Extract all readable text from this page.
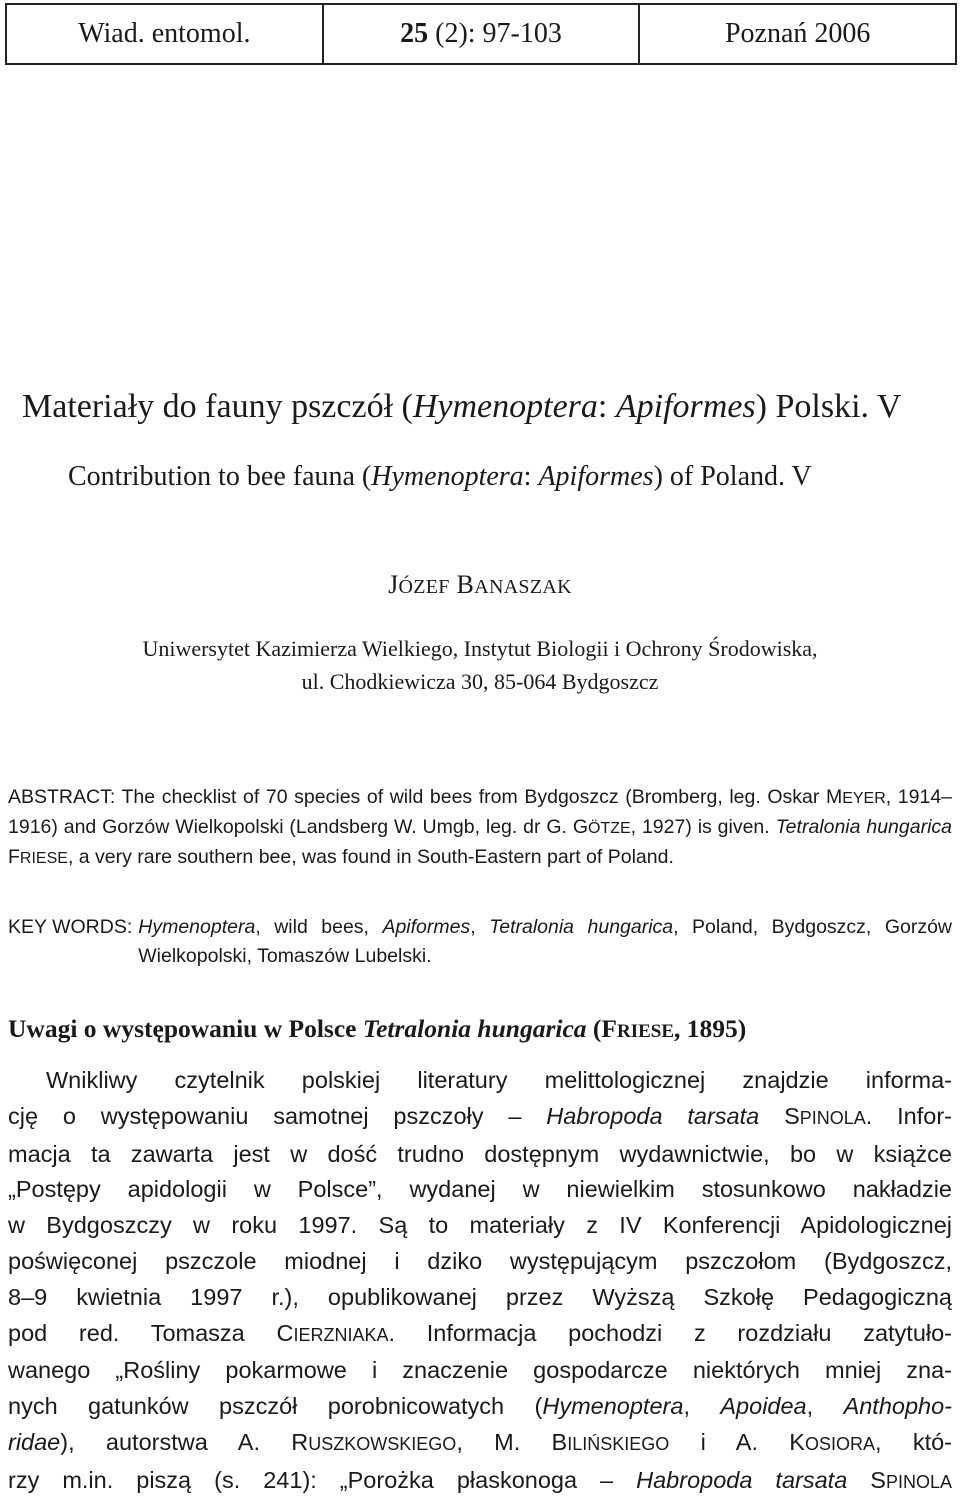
Wiad. entomol.	25 (2): 97-103	Poznań 2006
Materiały do fauny pszczół (Hymenoptera: Apiformes) Polski. V
Contribution to bee fauna (Hymenoptera: Apiformes) of Poland. V
JÓZEF BANASZAK
Uniwersytet Kazimierza Wielkiego, Instytut Biologii i Ochrony Środowiska,
ul. Chodkiewicza 30, 85-064 Bydgoszcz

ABSTRACT: The checklist of 70 species of wild bees from Bydgoszcz (Bromberg, leg. Oskar MEYER, 1914–1916) and Gorzów Wielkopolski (Landsberg W. Umgb, leg. dr G. GÖTZE, 1927) is given. Tetralonia hungarica FRIESE, a very rare southern bee, was found in South-Eastern part of Poland.

KEY WORDS: Hymenoptera, wild bees, Apiformes, Tetralonia hungarica, Poland, Bydgoszcz, Gorzów Wielkopolski, Tomaszów Lubelski.
Uwagi o występowaniu w Polsce Tetralonia hungarica (FRIESE, 1895)
Wnikliwy czytelnik polskiej literatury melittologicznej znajdzie informa-
cję o występowaniu samotnej pszczoły – Habropoda tarsata SPINOLA. Infor-
macja ta zawarta jest w dość trudno dostępnym wydawnictwie, bo w książce
„Postępy apidologii w Polsce”, wydanej w niewielkim stosunkowo nakładzie
w Bydgoszczy w roku 1997. Są to materiały z IV Konferencji Apidologicznej
poświęconej pszczole miodnej i dziko występującym pszczołom (Bydgoszcz,
8–9 kwietnia 1997 r.), opublikowanej przez Wyższą Szkołę Pedagogiczną
pod red. Tomasza CIERZNIAKA. Informacja pochodzi z rozdziału zatytuło-
wanego „Rośliny pokarmowe i znaczenie gospodarcze niektórych mniej zna-
nych gatunków pszczół porobnicowatych (Hymenoptera, Apoidea, Anthopho-
ridae), autorstwa A. RUSZKOWSKIEGO, M. BILIŃSKIEGO i A. KOSIORA, któ-
rzy m.in. piszą (s. 241): „Porożka płaskonoga – Habropoda tarsata SPINOLA
